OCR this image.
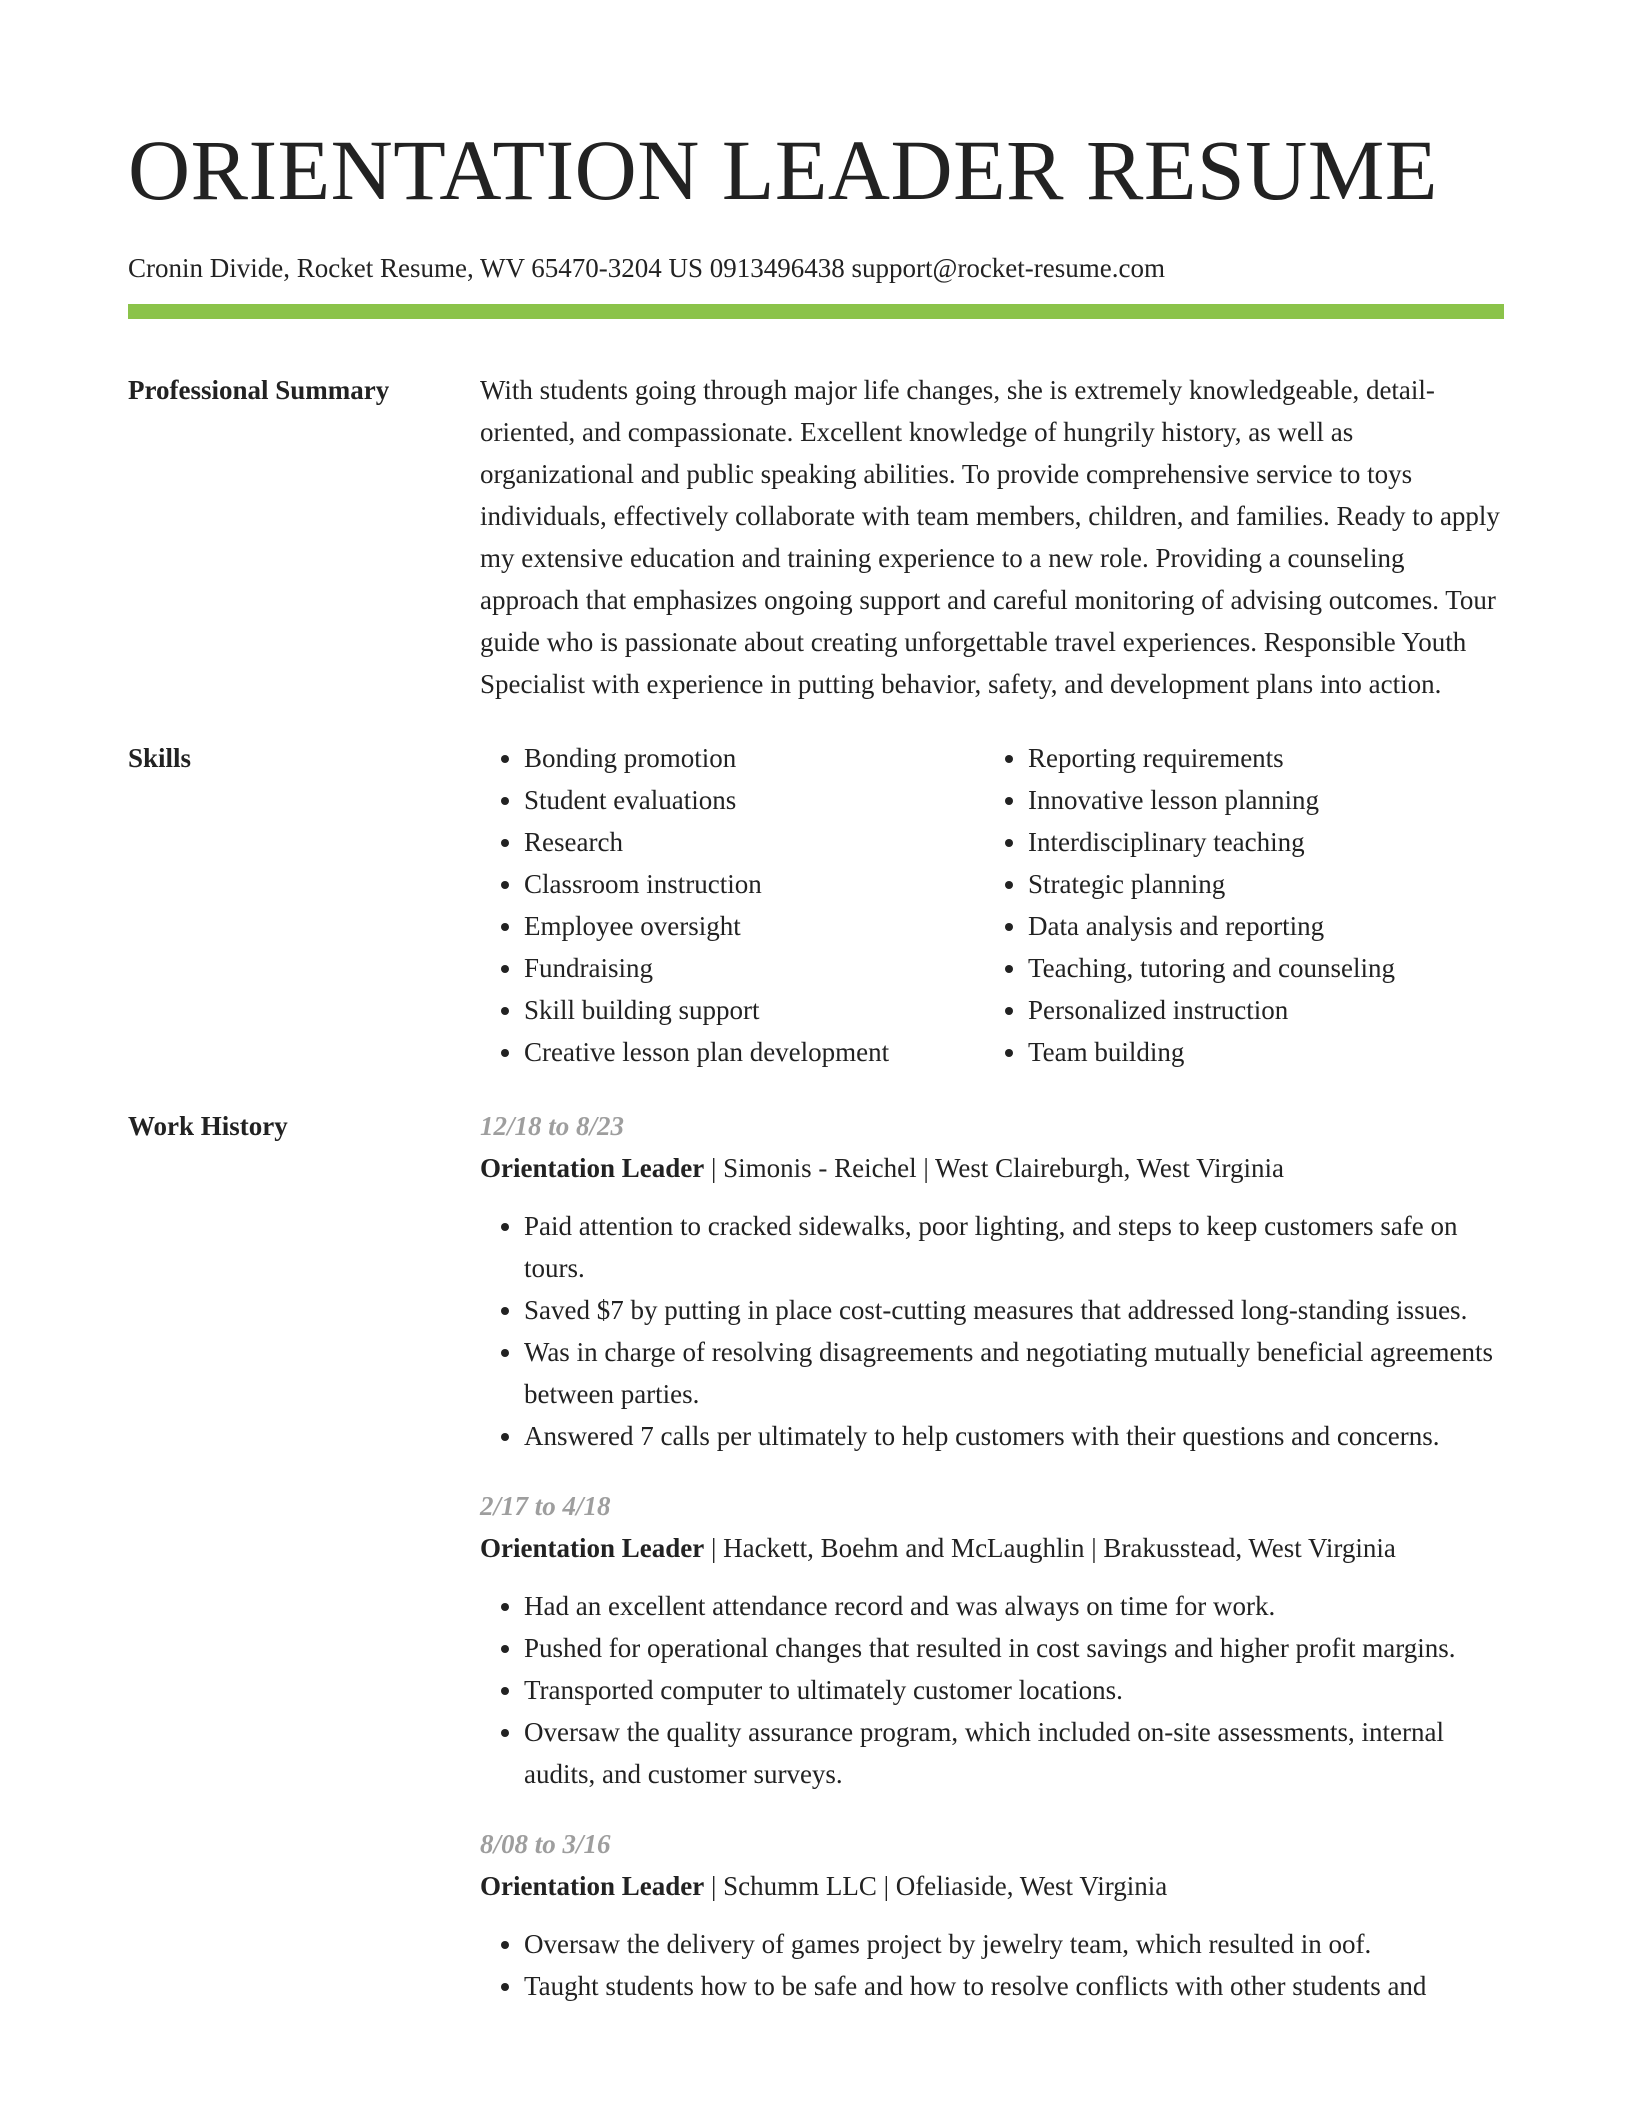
ORIENTATION LEADER RESUME
Cronin Divide, Rocket Resume, WV 65470-3204 US 0913496438 support@rocket-resume.com
Professional Summary	With students going through major life changes, she is extremely knowledgeable, detail-oriented, and compassionate. Excellent knowledge of hungrily history, as well as organizational and public speaking abilities. To provide comprehensive service to toys individuals, effectively collaborate with team members, children, and families. Ready to apply my extensive education and training experience to a new role. Providing a counseling approach that emphasizes ongoing support and careful monitoring of advising outcomes. Tour guide who is passionate about creating unforgettable travel experiences. Responsible Youth Specialist with experience in putting behavior, safety, and development plans into action.
Skills
•	Bonding promotion
• Student evaluations
• Research
• Classroom instruction
• Employee oversight
• Fundraising
• Skill building support
• Creative lesson plan development
• Reporting requirements
• Innovative lesson planning
• Interdisciplinary teaching
• Strategic planning
• Data analysis and reporting
• Teaching, tutoring and counseling
• Personalized instruction
• Team building
Work History	12/18 to 8/23
Orientation Leader | Simonis - Reichel | West Claireburgh, West Virginia
• Paid attention to cracked sidewalks, poor lighting, and steps to keep customers safe on tours.
• Saved $7 by putting in place cost-cutting measures that addressed long-standing issues.
• Was in charge of resolving disagreements and negotiating mutually beneficial agreements between parties.
• Answered 7 calls per ultimately to help customers with their questions and concerns.
2/17 to 4/18
Orientation Leader | Hackett, Boehm and McLaughlin | Brakusstead, West Virginia
• Had an excellent attendance record and was always on time for work.
• Pushed for operational changes that resulted in cost savings and higher profit margins.
• Transported computer to ultimately customer locations.
• Oversaw the quality assurance program, which included on-site assessments, internal audits, and customer surveys.
8/08 to 3/16
Orientation Leader | Schumm LLC | Ofeliaside, West Virginia
• Oversaw the delivery of games project by jewelry team, which resulted in oof.
• Taught students how to be safe and how to resolve conflicts with other students and
